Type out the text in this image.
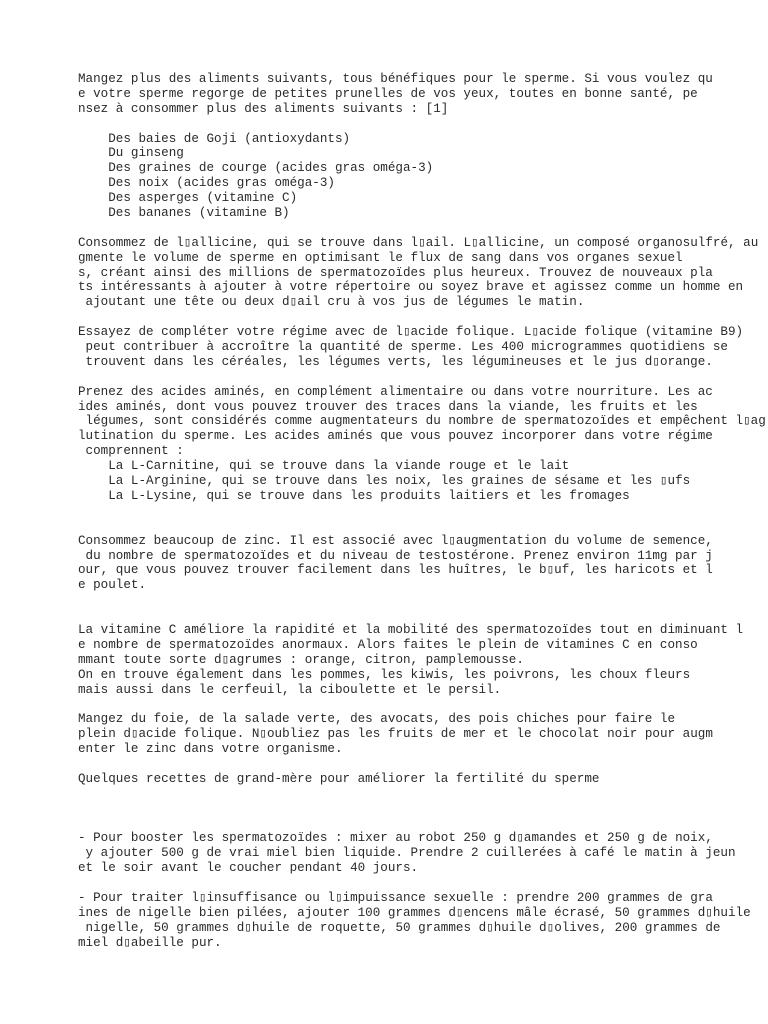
Mangez plus des aliments suivants, tous bénéfiques pour le sperme. Si vous voulez qu
e votre sperme regorge de petites prunelles de vos yeux, toutes en bonne santé, pe
nsez à consommer plus des aliments suivants : [1]
Des baies de Goji (antioxydants)
Du ginseng
Des graines de courge (acides gras oméga-3)
Des noix (acides gras oméga-3)
Des asperges (vitamine C)
Des bananes (vitamine B)
Consommez de l▯allicine, qui se trouve dans l▯ail. L▯allicine, un composé organosulfré, au
gmente le volume de sperme en optimisant le flux de sang dans vos organes sexuel
s, créant ainsi des millions de spermatozoïdes plus heureux. Trouvez de nouveaux pla
ts intéressants à ajouter à votre répertoire ou soyez brave et agissez comme un homme en
ajoutant une tête ou deux d▯ail cru à vos jus de légumes le matin.
Essayez de compléter votre régime avec de l▯acide folique. L▯acide folique (vitamine B9)
peut contribuer à accroître la quantité de sperme. Les 400 microgrammes quotidiens se
trouvent dans les céréales, les légumes verts, les légumineuses et le jus d▯orange.
Prenez des acides aminés, en complément alimentaire ou dans votre nourriture. Les ac
ides aminés, dont vous pouvez trouver des traces dans la viande, les fruits et les
légumes, sont considérés comme augmentateurs du nombre de spermatozoïdes et empêchent l▯ag
lutination du sperme. Les acides aminés que vous pouvez incorporer dans votre régime
comprennent :
La L-Carnitine, qui se trouve dans la viande rouge et le lait
La L-Arginine, qui se trouve dans les noix, les graines de sésame et les ▯ufs
La L-Lysine, qui se trouve dans les produits laitiers et les fromages
Consommez beaucoup de zinc. Il est associé avec l▯augmentation du volume de semence,
du nombre de spermatozoïdes et du niveau de testostérone. Prenez environ 11mg par j
our, que vous pouvez trouver facilement dans les huîtres, le b▯uf, les haricots et l
e poulet.
La vitamine C améliore la rapidité et la mobilité des spermatozoïdes tout en diminuant l
e nombre de spermatozoïdes anormaux. Alors faites le plein de vitamines C en conso
mmant toute sorte d▯agrumes : orange, citron, pamplemousse.
On en trouve également dans les pommes, les kiwis, les poivrons, les choux fleurs
mais aussi dans le cerfeuil, la ciboulette et le persil.
Mangez du foie, de la salade verte, des avocats, des pois chiches pour faire le
plein d▯acide folique. N▯oubliez pas les fruits de mer et le chocolat noir pour augm
enter le zinc dans votre organisme.
Quelques recettes de grand-mère pour améliorer la fertilité du sperme
- Pour booster les spermatozoïdes : mixer au robot 250 g d▯amandes et 250 g de noix,
y ajouter 500 g de vrai miel bien liquide. Prendre 2 cuillerées à café le matin à jeun
et le soir avant le coucher pendant 40 jours.
- Pour traiter l▯insuffisance ou l▯impuissance sexuelle : prendre 200 grammes de gra
ines de nigelle bien pilées, ajouter 100 grammes d▯encens mâle écrasé, 50 grammes d▯huile
nigelle, 50 grammes d▯huile de roquette, 50 grammes d▯huile d▯olives, 200 grammes de
miel d▯abeille pur.
